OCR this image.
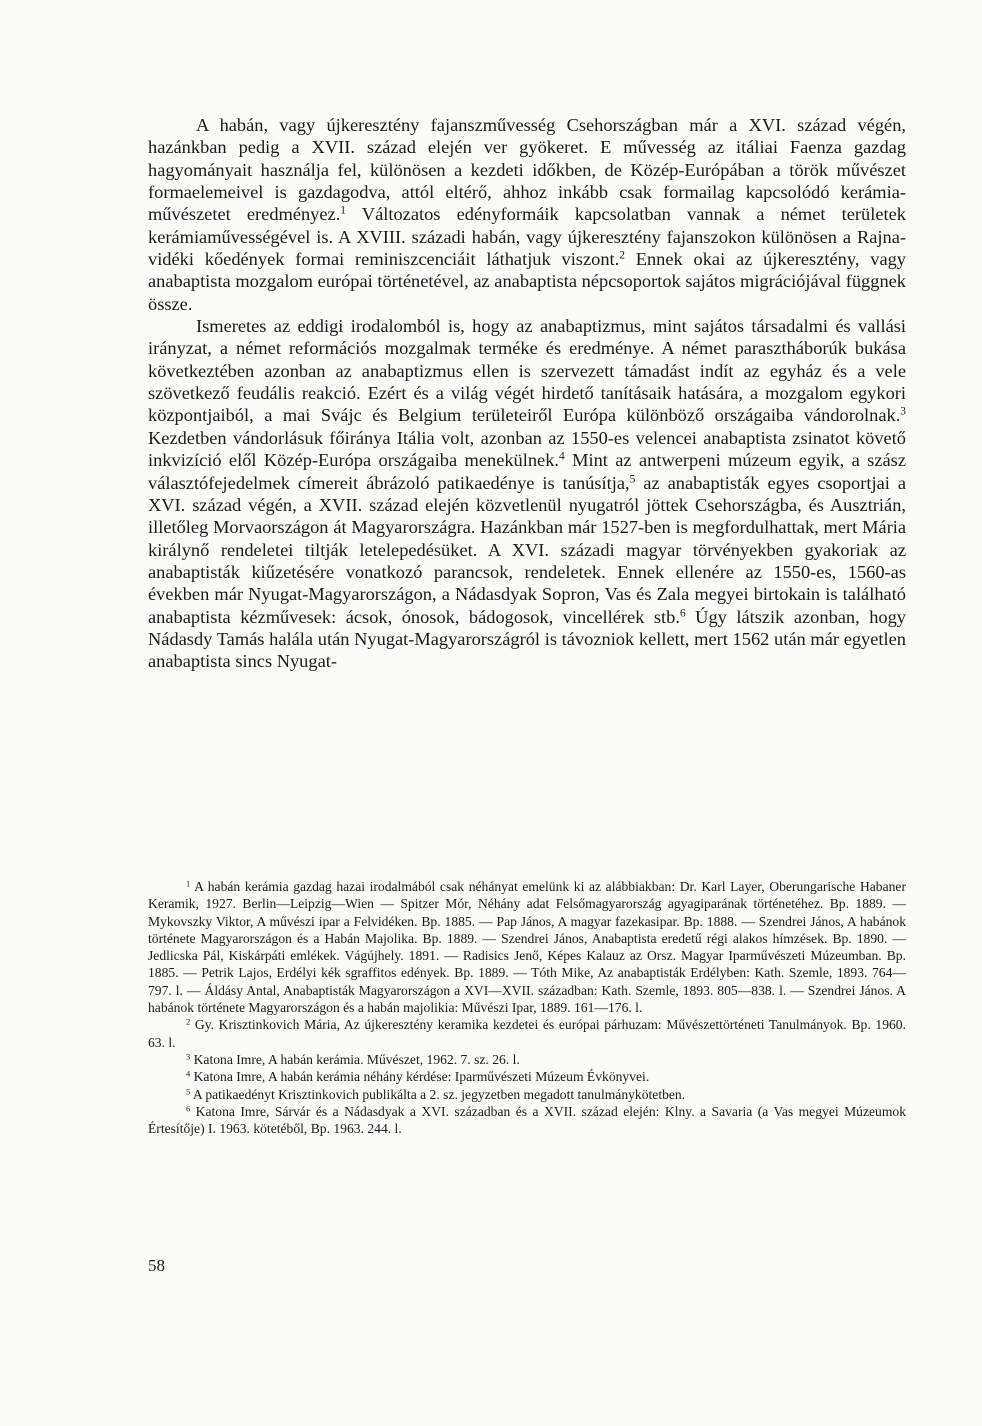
A habán, vagy újkeresztény fajanszművesség Csehországban már a XVI. század végén, hazánkban pedig a XVII. század elején ver gyökeret. E művesség az itáliai Faenza gazdag hagyományait használja fel, különösen a kezdeti időkben, de Közép-Európában a török művészet formaelemeivel is gazdagodva, attól eltérő, ahhoz inkább csak formailag kapcsolódó kerámia-művészetet eredményez.$^1$ Változatos edényformáik kapcsolatban vannak a német területek kerámiaművességével is. A XVIII. századi habán, vagy újkeresztény fajanszokon különösen a Rajna-vidéki kőedények formai reminiszcenciáit láthatjuk viszont.$^2$ Ennek okai az újkeresztény, vagy anabaptista mozgalom európai történetével, az anabaptista népcsoportok sajátos migrációjával függnek össze.

Ismeretes az eddigi irodalomból is, hogy az anabaptizmus, mint sajátos társadalmi és vallási irányzat, a német reformációs mozgalmak terméke és eredménye. A német parasztháborúk bukása következtében azonban az anabaptizmus ellen is szervezett támadást indít az egyház és a vele szövetkező feudális reakció. Ezért és a világ végét hirdető tanításaik hatására, a mozgalom egykori központjaiból, a mai Svájc és Belgium területeiről Európa különböző országaiba vándorolnak.$^3$ Kezdetben vándorlásuk főiránya Itália volt, azonban az 1550-es velencei anabaptista zsinatot követő inkvizíció elől Közép-Európa országaiba menekülnek.$^4$ Mint az antwerpeni múzeum egyik, a szász választófejedelmek címereit ábrázoló patikaedénye is tanúsítja,$^5$ az anabaptisták egyes csoportjai a XVI. század végén, a XVII. század elején közvetlenül nyugatról jöttek Csehországba, és Ausztrián, illetőleg Morvaországon át Magyarországra. Hazánkban már 1527-ben is megfordulhattak, mert Mária királynő rendeletei tiltják letelepedésüket. A XVI. századi magyar törvényekben gyakoriak az anabaptisták kiűzetésére vonatkozó parancsok, rendeletek. Ennek ellenére az 1550-es, 1560-as években már Nyugat-Magyarországon, a Nádasdyak Sopron, Vas és Zala megyei birtokain is található anabaptista kézművesek: ácsok, ónosok, bádogosok, vincellérek stb.$^6$ Úgy látszik azonban, hogy Nádasdy Tamás halála után Nyugat-Magyarországról is távozniok kellett, mert 1562 után már egyetlen anabaptista sincs Nyugat-

$^1$ A habán kerámia gazdag hazai irodalmából csak néhányat emelünk ki az alábbiakban: Dr. Karl Layer, Oberungarische Habaner Keramik, 1927. Berlin—Leipzig—Wien — Spitzer Mór, Néhány adat Felsőmagyarország agyagiparának történetéhez. Bp. 1889. — Mykovszky Viktor, A művészi ipar a Felvidéken. Bp. 1885. — Pap János, A magyar fazekasipar. Bp. 1888. — Szendrei János, A habánok története Magyarországon és a Habán Majolika. Bp. 1889. — Szendrei János, Anabaptista eredetű régi alakos hímzések. Bp. 1890. — Jedlicska Pál, Kiskárpáti emlékek. Vágújhely. 1891. — Radisics Jenő, Képes Kalauz az Orsz. Magyar Iparművészeti Múzeumban. Bp. 1885. — Petrik Lajos, Erdélyi kék sgraffitos edények. Bp. 1889. — Tóth Mike, Az anabaptisták Erdélyben: Kath. Szemle, 1893. 764—797. l. — Áldásy Antal, Anabaptisták Magyarországon a XVI—XVII. században: Kath. Szemle, 1893. 805—838. l. — Szendrei János. A habánok története Magyarországon és a habán majolikia: Művészi Ipar, 1889. 161—176. l.

$^2$ Gy. Krisztinkovich Mária, Az újkeresztény keramika kezdetei és európai párhuzam: Művészettörténeti Tanulmányok. Bp. 1960. 63. l.

$^3$ Katona Imre, A habán kerámia. Művészet, 1962. 7. sz. 26. l.

$^4$ Katona Imre, A habán kerámia néhány kérdése: Iparművészeti Múzeum Évkönyvei.

$^5$ A patikaedényt Krisztinkovich publikálta a 2. sz. jegyzetben megadott tanulmánykötetben.

$^6$ Katona Imre, Sárvár és a Nádasdyak a XVI. században és a XVII. század elején: Klny. a Savaria (a Vas megyei Múzeumok Értesítője) I. 1963. kötetéből, Bp. 1963. 244. l.

58
